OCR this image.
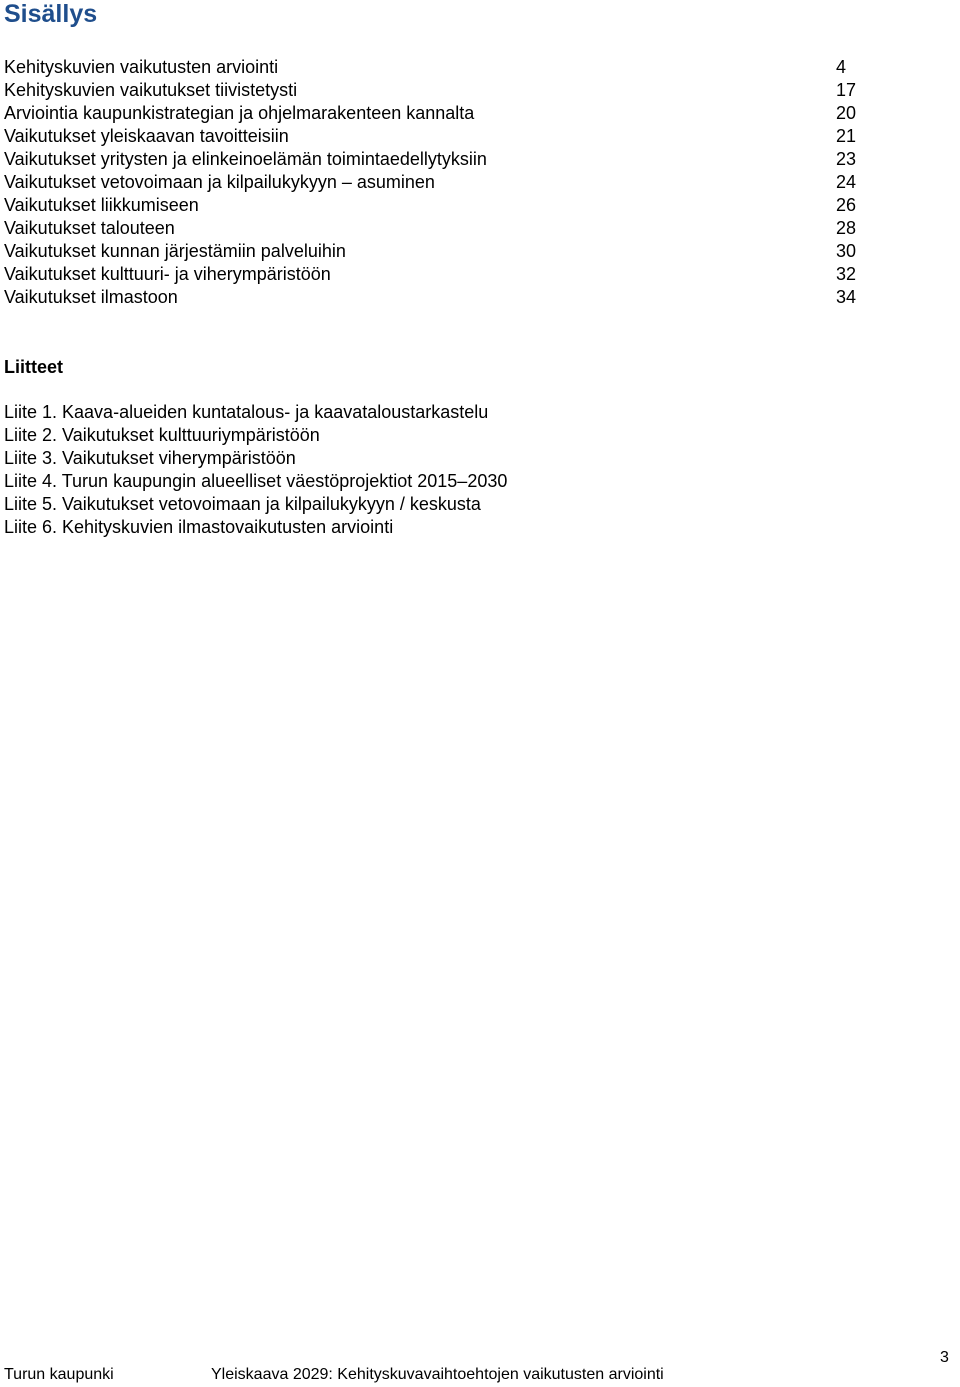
Sisällys
Kehityskuvien vaikutusten arviointi	4
Kehityskuvien vaikutukset tiivistetysti	17
Arviointia kaupunkistrategian ja ohjelmarakenteen kannalta	20
Vaikutukset yleiskaavan tavoitteisiin	21
Vaikutukset yritysten ja elinkeinoelämän toimintaedellytyksiin	23
Vaikutukset vetovoimaan ja kilpailukykyyn – asuminen	24
Vaikutukset liikkumiseen	26
Vaikutukset talouteen	28
Vaikutukset kunnan järjestämiin palveluihin	30
Vaikutukset kulttuuri- ja viherympäristöön	32
Vaikutukset ilmastoon	34
Liitteet
Liite 1. Kaava-alueiden kuntatalous- ja kaavataloustarkastelu
Liite 2. Vaikutukset kulttuuriympäristöön
Liite 3. Vaikutukset viherympäristöön
Liite 4. Turun kaupungin alueelliset väestöprojektiot 2015–2030
Liite 5. Vaikutukset vetovoimaan ja kilpailukykyyn / keskusta
Liite 6. Kehityskuvien ilmastovaikutusten arviointi
3
Turun kaupunki	Yleiskaava 2029: Kehityskuvavaihtoehtojen vaikutusten arviointi
